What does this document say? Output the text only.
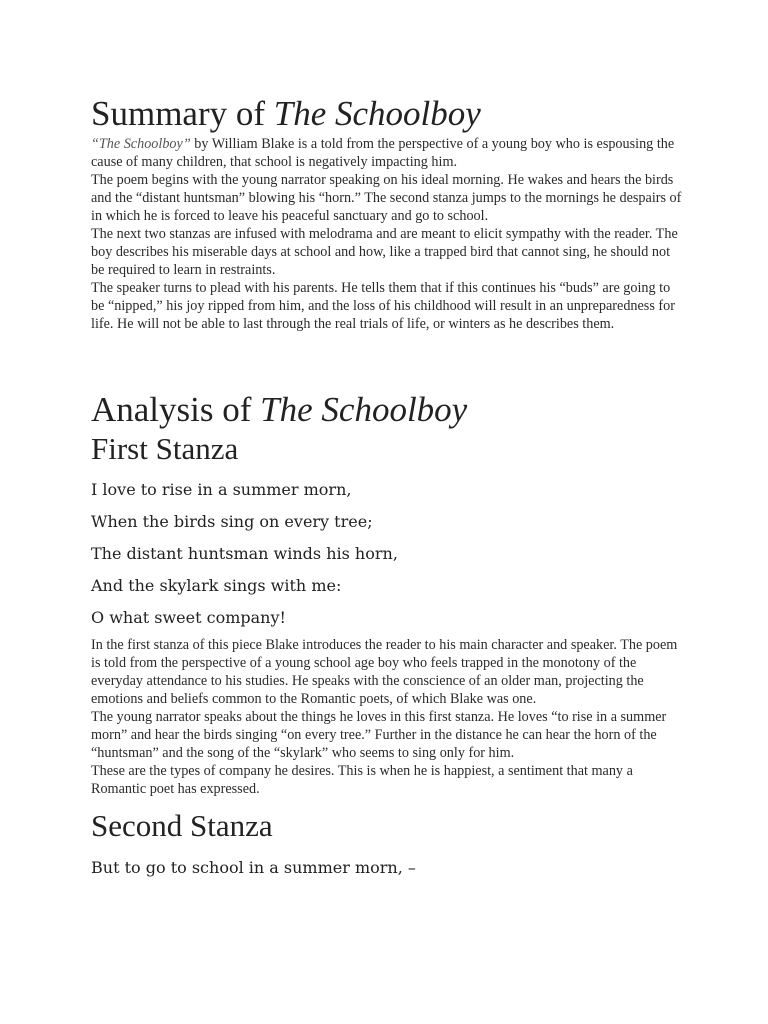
Summary of The Schoolboy

“The Schoolboy” by William Blake is a told from the perspective of a young boy who is espousing the cause of many children, that school is negatively impacting him.

The poem begins with the young narrator speaking on his ideal morning. He wakes and hears the birds and the “distant huntsman” blowing his “horn.” The second stanza jumps to the mornings he despairs of in which he is forced to leave his peaceful sanctuary and go to school.

The next two stanzas are infused with melodrama and are meant to elicit sympathy with the reader. The boy describes his miserable days at school and how, like a trapped bird that cannot sing, he should not be required to learn in restraints.

The speaker turns to plead with his parents. He tells them that if this continues his “buds” are going to be “nipped,” his joy ripped from him, and the loss of his childhood will result in an unpreparedness for life. He will not be able to last through the real trials of life, or winters as he describes them.

Analysis of The Schoolboy
First Stanza

I love to rise in a summer morn,

When the birds sing on every tree;

The distant huntsman winds his horn,

And the skylark sings with me:

O what sweet company!

In the first stanza of this piece Blake introduces the reader to his main character and speaker. The poem is told from the perspective of a young school age boy who feels trapped in the monotony of the everyday attendance to his studies. He speaks with the conscience of an older man, projecting the emotions and beliefs common to the Romantic poets, of which Blake was one.

The young narrator speaks about the things he loves in this first stanza. He loves “to rise in a summer morn” and hear the birds singing “on every tree.” Further in the distance he can hear the horn of the “huntsman” and the song of the “skylark” who seems to sing only for him.

These are the types of company he desires. This is when he is happiest, a sentiment that many a Romantic poet has expressed.

Second Stanza

But to go to school in a summer morn, –
